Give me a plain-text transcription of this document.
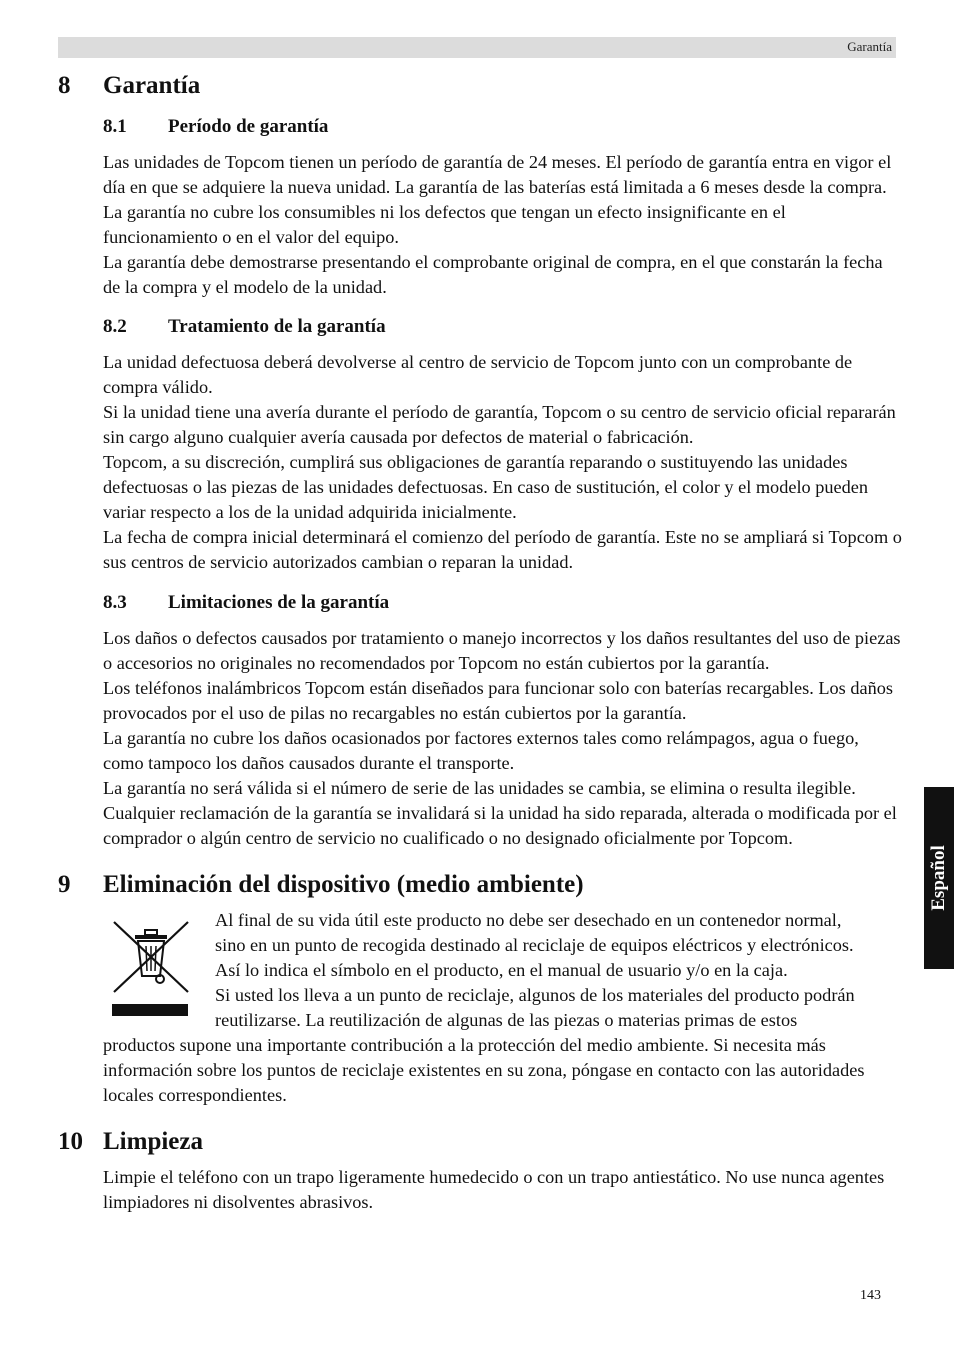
Garantía
8 Garantía
8.1 Período de garantía

Las unidades de Topcom tienen un período de garantía de 24 meses. El período de garantía entra en vigor el día en que se adquiere la nueva unidad. La garantía de las baterías está limitada a 6 meses desde la compra. La garantía no cubre los consumibles ni los defectos que tengan un efecto insignificante en el funcionamiento o en el valor del equipo.

La garantía debe demostrarse presentando el comprobante original de compra, en el que constarán la fecha de la compra y el modelo de la unidad.

8.2 Tratamiento de la garantía

La unidad defectuosa deberá devolverse al centro de servicio de Topcom junto con un comprobante de compra válido.

Si la unidad tiene una avería durante el período de garantía, Topcom o su centro de servicio oficial repararán sin cargo alguno cualquier avería causada por defectos de material o fabricación.

Topcom, a su discreción, cumplirá sus obligaciones de garantía reparando o sustituyendo las unidades defectuosas o las piezas de las unidades defectuosas. En caso de sustitución, el color y el modelo pueden variar respecto a los de la unidad adquirida inicialmente.

La fecha de compra inicial determinará el comienzo del período de garantía. Este no se ampliará si Topcom o sus centros de servicio autorizados cambian o reparan la unidad.

8.3 Limitaciones de la garantía

Los daños o defectos causados por tratamiento o manejo incorrectos y los daños resultantes del uso de piezas o accesorios no originales no recomendados por Topcom no están cubiertos por la garantía.

Los teléfonos inalámbricos Topcom están diseñados para funcionar solo con baterías recargables. Los daños provocados por el uso de pilas no recargables no están cubiertos por la garantía.

La garantía no cubre los daños ocasionados por factores externos tales como relámpagos, agua o fuego, como tampoco los daños causados durante el transporte.

La garantía no será válida si el número de serie de las unidades se cambia, se elimina o resulta ilegible. Cualquier reclamación de la garantía se invalidará si la unidad ha sido reparada, alterada o modificada por el comprador o algún centro de servicio no cualificado o no designado oficialmente por Topcom.

9 Eliminación del dispositivo (medio ambiente)

Al final de su vida útil este producto no debe ser desechado en un contenedor normal,

sino en un punto de recogida destinado al reciclaje de equipos eléctricos y electrónicos.

Así lo indica el símbolo en el producto, en el manual de usuario y/o en la caja.

Si usted los lleva a un punto de reciclaje, algunos de los materiales del producto podrán

reutilizarse. La reutilización de algunas de las piezas o materias primas de estos

productos supone una importante contribución a la protección del medio ambiente. Si necesita más información sobre los puntos de reciclaje existentes en su zona, póngase en contacto con las autoridades locales correspondientes.

10 Limpieza

Limpie el teléfono con un trapo ligeramente humedecido o con un trapo antiestático. No use nunca agentes limpiadores ni disolventes abrasivos.

Español
143
